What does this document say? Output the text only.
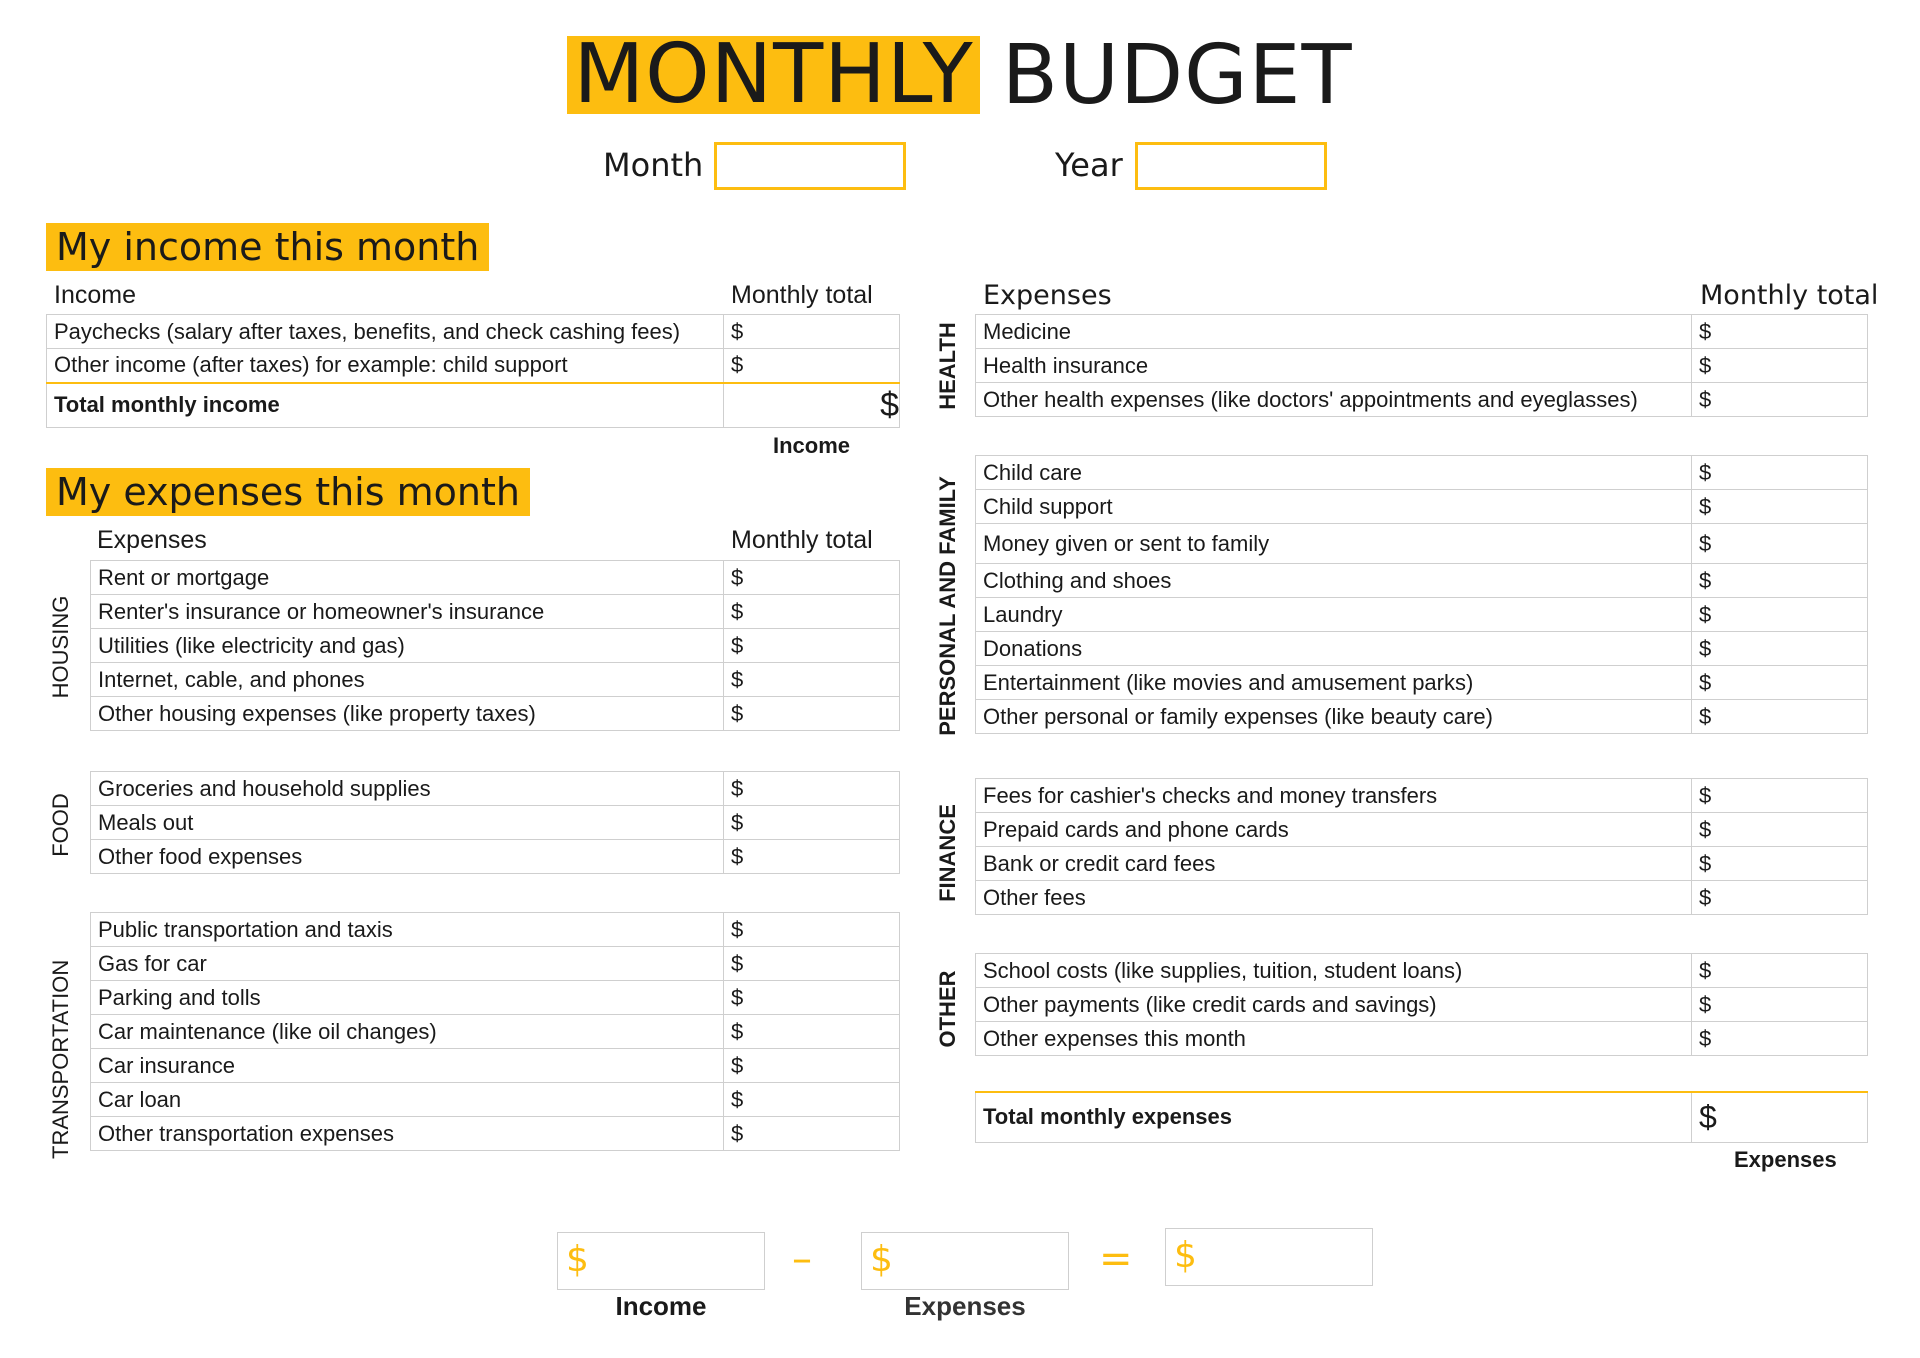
MONTHLY BUDGET
Month	Year
My income this month
Income	Monthly total
Paychecks (salary after taxes, benefits, and check cashing fees)	$
Other income (after taxes) for example: child support	$
Total monthly income	$
Income
My expenses this month
Expenses	Monthly total
HOUSING
Rent or mortgage	$
Renter's insurance or homeowner's insurance	$
Utilities (like electricity and gas)	$
Internet, cable, and phones	$
Other housing expenses (like property taxes)	$
FOOD
Groceries and household supplies	$
Meals out	$
Other food expenses	$
TRANSPORTATION
Public transportation and taxis	$
Gas for car	$
Parking and tolls	$
Car maintenance (like oil changes)	$
Car insurance	$
Car loan	$
Other transportation expenses	$
Expenses	Monthly total
HEALTH Medicine	$
Health insurance	$
Other health expenses (like doctors' appointments and eyeglasses)	$
PERSONAL AND FAMILY
Child care	$
Child support	$
Money given or sent to family	$
Clothing and shoes	$
Laundry	$
Donations	$
Entertainment (like movies and amusement parks)	$
Other personal or family expenses (like beauty care)	$
FINANCE
Fees for cashier's checks and money transfers	$
Prepaid cards and phone cards	$
Bank or credit card fees	$
Other fees	$
OTHER
School costs (like supplies, tuition, student loans)	$
Other payments (like credit cards and savings)	$
Other expenses this month	$
Total monthly expenses	$
Expenses
$	– $	= $
Income	Expenses
